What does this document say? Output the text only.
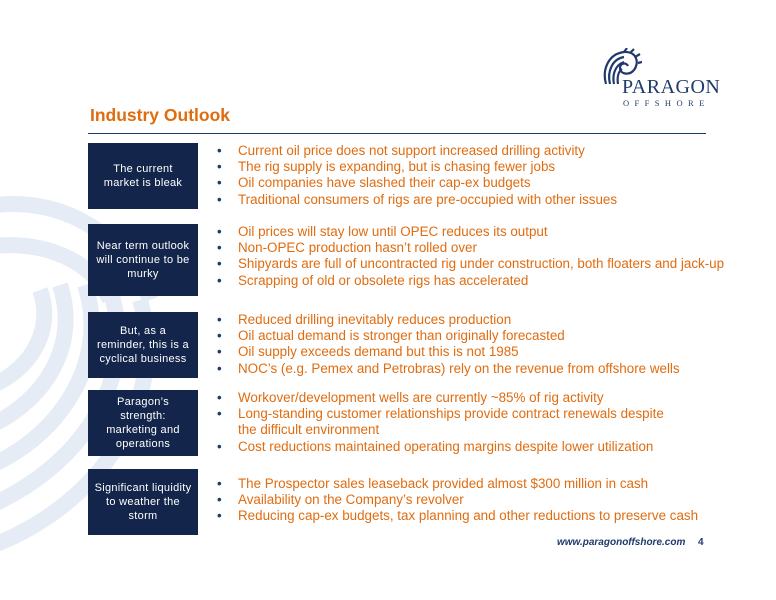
PARAGON
OFFSHORE
Industry Outlook
The current market is bleak
• Current oil price does not support increased drilling activity
• The rig supply is expanding, but is chasing fewer jobs
• Oil companies have slashed their cap-ex budgets
• Traditional consumers of rigs are pre-occupied with other issues
Near term outlook will continue to be murky
• Oil prices will stay low until OPEC reduces its output
• Non-OPEC production hasn’t rolled over
• Shipyards are full of uncontracted rig under construction, both floaters and jack-up
• Scrapping of old or obsolete rigs has accelerated
But, as a reminder, this is a cyclical business
• Reduced drilling inevitably reduces production
• Oil actual demand is stronger than originally forecasted
• Oil supply exceeds demand but this is not 1985
• NOC’s (e.g. Pemex and Petrobras) rely on the revenue from offshore wells
Paragon’s strength: marketing and operations
• Workover/development wells are currently ~85% of rig activity
• Long-standing customer relationships provide contract renewals despite
the difficult environment
• Cost reductions maintained operating margins despite lower utilization
Significant liquidity to weather the storm
• The Prospector sales leaseback provided almost $300 million in cash
• Availability on the Company’s revolver
• Reducing cap-ex budgets, tax planning and other reductions to preserve cash
www.paragonoffshore.com 4
